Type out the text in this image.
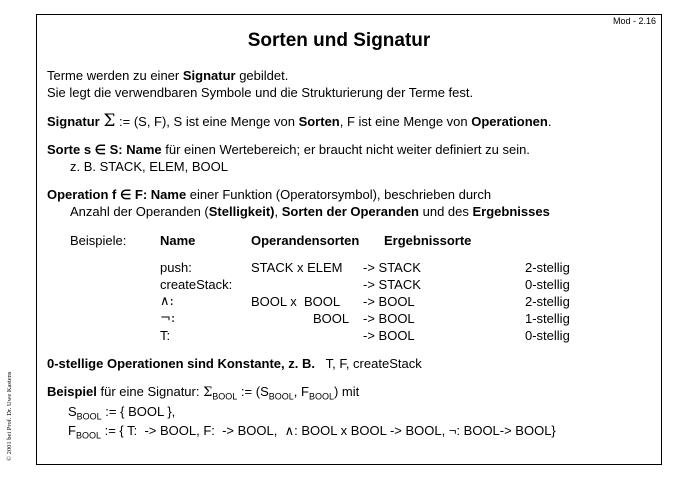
Mod - 2.16
Sorten und Signatur
Terme werden zu einer Signatur gebildet.
Sie legt die verwendbaren Symbole und die Strukturierung der Terme fest.
Signatur Σ := (S, F), S ist eine Menge von Sorten, F ist eine Menge von Operationen.
Sorte s ∈ S: Name für einen Wertebereich; er braucht nicht weiter definiert zu sein.
z. B. STACK, ELEM, BOOL
Operation f ∈ F: Name einer Funktion (Operatorsymbol), beschrieben durch
Anzahl der Operanden (Stelligkeit), Sorten der Operanden und des Ergebnisses
Beispiele:	Name	Operandensorten Ergebnissorte
push:	STACK x ELEM -> STACK	2-stellig
createStack:	-> STACK	0-stellig
∧:	BOOL x  BOOL -> BOOL	2-stellig
¬:	BOOL -> BOOL	1-stellig
T:	-> BOOL	0-stellig
0-stellige Operationen sind Konstante, z. B. T, F, createStack
Beispiel für eine Signatur: $\Sigma_{BOOL}$ := ($S_{BOOL}$, $F_{BOOL}$) mit
$S_{BOOL}$ := { BOOL },
$F_{BOOL}$ := { T:  -> BOOL, F:  -> BOOL,  ∧: BOOL x BOOL -> BOOL, ¬: BOOL-> BOOL}
© 2001 bei Prof. Dr. Uwe Kastens
